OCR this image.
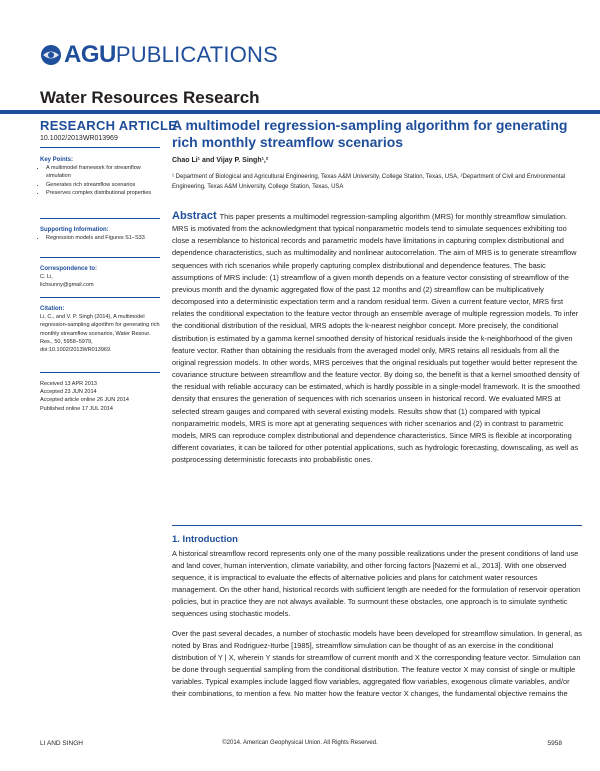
AGU PUBLICATIONS
Water Resources Research
RESEARCH ARTICLE
10.1002/2013WR013969
Key Points:
• A multimodel framework for streamflow simulation
• Generates rich streamflow scenarios
• Preserves complex distributional properties
Supporting Information:
• Regression models and Figures S1–S33
Correspondence to:

C. Li,

lichsunny@gmail.com

Citation:

Li, C., and V. P. Singh (2014), A multimodel regression-sampling algorithm for generating rich monthly streamflow scenarios, Water Resour. Res., 50, 5958–5979, doi:10.1002/2013WR013969.

Received 13 APR 2013

Accepted 23 JUN 2014

Accepted article online 26 JUN 2014

Published online 17 JUL 2014

A multimodel regression-sampling algorithm for generating rich monthly streamflow scenarios
Chao Li¹ and Vijay P. Singh¹,²
¹ Department of Biological and Agricultural Engineering, Texas A&M University, College Station, Texas, USA, ²Department of Civil and Environmental Engineering, Texas A&M University, College Station, Texas, USA
Abstract This paper presents a multimodel regression-sampling algorithm (MRS) for monthly streamflow simulation. MRS is motivated from the acknowledgment that typical nonparametric models tend to simulate sequences exhibiting too close a resemblance to historical records and parametric models have limitations in capturing complex distributional and dependence characteristics, such as multimodality and nonlinear autocorrelation. The aim of MRS is to generate streamflow sequences with rich scenarios while properly capturing complex distributional and dependence features. The basic assumptions of MRS include: (1) streamflow of a given month depends on a feature vector consisting of streamflow of the previous month and the dynamic aggregated flow of the past 12 months and (2) streamflow can be multiplicatively decomposed into a deterministic expectation term and a random residual term. Given a current feature vector, MRS first relates the conditional expectation to the feature vector through an ensemble average of multiple regression models. To infer the conditional distribution of the residual, MRS adopts the k-nearest neighbor concept. More precisely, the conditional distribution is estimated by a gamma kernel smoothed density of historical residuals inside the k-neighborhood of the given feature vector. Rather than obtaining the residuals from the averaged model only, MRS retains all residuals from all the original regression models. In other words, MRS perceives that the original residuals put together would better represent the covariance structure between streamflow and the feature vector. By doing so, the benefit is that a kernel smoothed density of the residual with reliable accuracy can be estimated, which is hardly possible in a single-model framework. It is the smoothed density that ensures the generation of sequences with rich scenarios unseen in historical record. We evaluated MRS at selected stream gauges and compared with several existing models. Results show that (1) compared with typical nonparametric models, MRS is more apt at generating sequences with richer scenarios and (2) in contrast to parametric models, MRS can reproduce complex distributional and dependence characteristics. Since MRS is flexible at incorporating different covariates, it can be tailored for other potential applications, such as hydrologic forecasting, downscaling, as well as postprocessing deterministic forecasts into probabilistic ones.
1. Introduction

A historical streamflow record represents only one of the many possible realizations under the present conditions of land use and land cover, human intervention, climate variability, and other forcing factors [Nazemi et al., 2013]. With one observed sequence, it is impractical to evaluate the effects of alternative policies and plans for catchment water resources management. On the other hand, historical records with sufficient length are needed for the formulation of reservoir operation policies, but in practice they are not always available. To surmount these obstacles, one approach is to simulate synthetic sequences using stochastic models.

Over the past several decades, a number of stochastic models have been developed for streamflow simulation. In general, as noted by Bras and Rodriguez-Iturbe [1985], streamflow simulation can be thought of as an exercise in the conditional distribution of Y | X, wherein Y stands for streamflow of current month and X the corresponding feature vector. Simulation can be done through sequential sampling from the conditional distribution. The feature vector X may consist of single or multiple variables. Typical examples include lagged flow variables, aggregated flow variables, exogenous climate variables, and/or their combinations, to mention a few. No matter how the feature vector X changes, the fundamental objective remains the

LI AND SINGH	©2014. American Geophysical Union. All Rights Reserved.	5958
